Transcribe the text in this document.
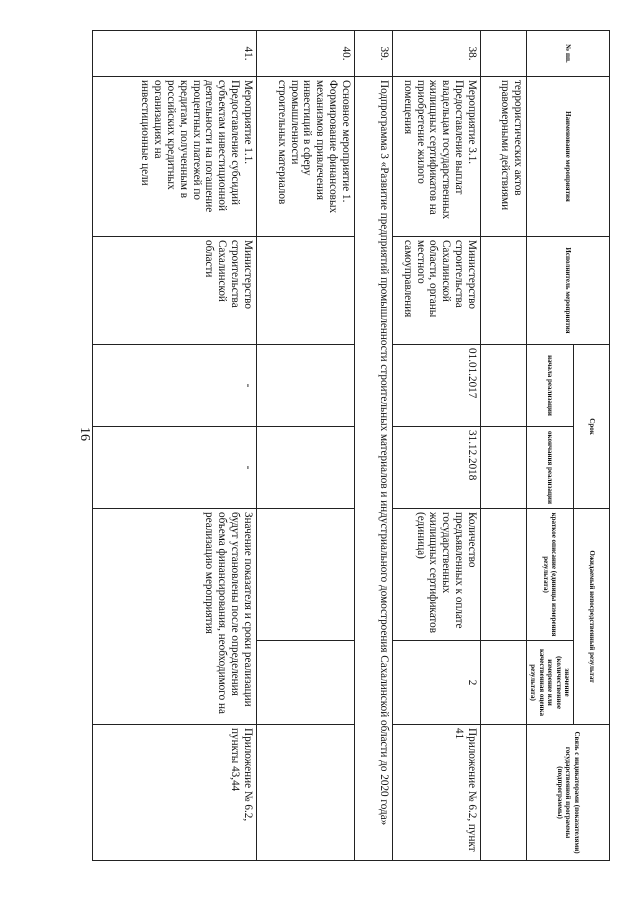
16
№ пп.	Наименование мероприятия	Исполнитель мероприятия	Срок		Ожидаемый непосредственный результат		Связь с индикаторами (показателями) государственной программы (подпрограммы)
			начала реализации	окончания реализации	краткое описание (единицы измерения результата)	значение (количественное измерение или качественная оценка результата)	
	террористических актов правомерными действиями						
38.	Мероприятие 3.1. Предоставление выплат владельцам государственных жилищных сертификатов на приобретение жилого помещения	Министерство строительства Сахалинской области, органы местного самоуправления	01.01.2017	31.12.2018	Количество предъявленных к оплате государственных жилищных сертификатов (единица)	2	Приложение № 6.2, пункт 41
39.	Подпрограмма 3 «Развитие предприятий промышленности строительных материалов и индустриального домостроения Сахалинской области до 2020 года»						
40.	Основное мероприятие 1. Формирование финансовых механизмов привлечения инвестиций в сферу промышленности строительных материалов						
41.	Мероприятие 1.1. Предоставление субсидий субъектам инвестиционной деятельности на погашение процентных платежей по кредитам, полученным в российских кредитных организациях на инвестиционные цели	Министерство строительства Сахалинской области	-	-	Значение показателя и сроки реализации будут установлены после определения объема финансирования, необходимого на реализацию мероприятия		Приложение № 6.2, пункты 43,44
